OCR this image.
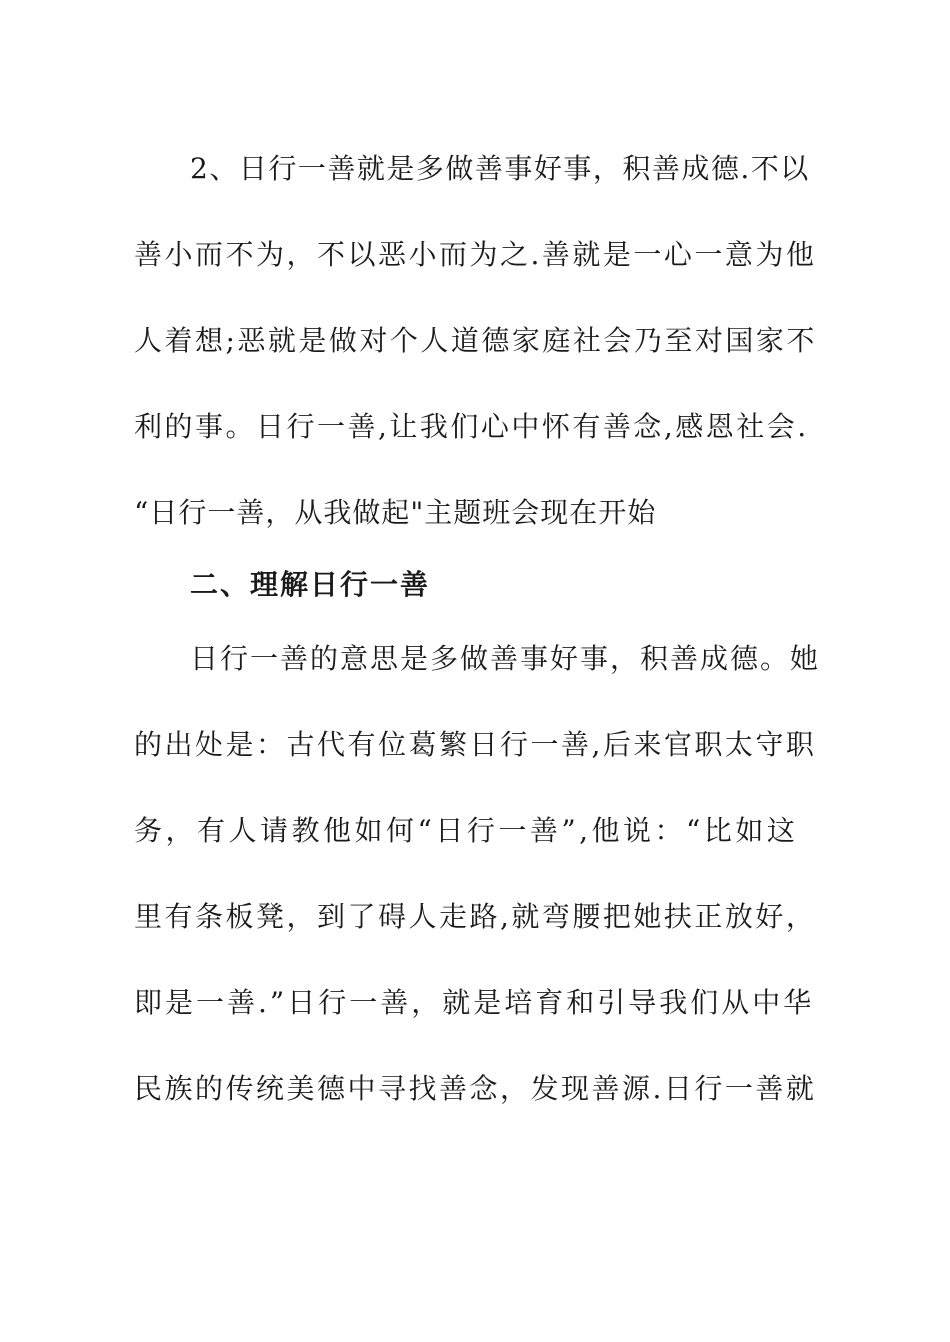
2、日行一善就是多做善事好事，积善成德.不以
善小而不为，不以恶小而为之.善就是一心一意为他
人着想;恶就是做对个人道德家庭社会乃至对国家不
利的事。日行一善,让我们心中怀有善念,感恩社会.
“日行一善，从我做起"主题班会现在开始
二、理解日行一善
日行一善的意思是多做善事好事，积善成德。她
的出处是：古代有位葛繁日行一善,后来官职太守职
务，有人请教他如何“日行一善”,他说：“比如这
里有条板凳，到了碍人走路,就弯腰把她扶正放好，
即是一善.”日行一善，就是培育和引导我们从中华
民族的传统美德中寻找善念，发现善源.日行一善就
